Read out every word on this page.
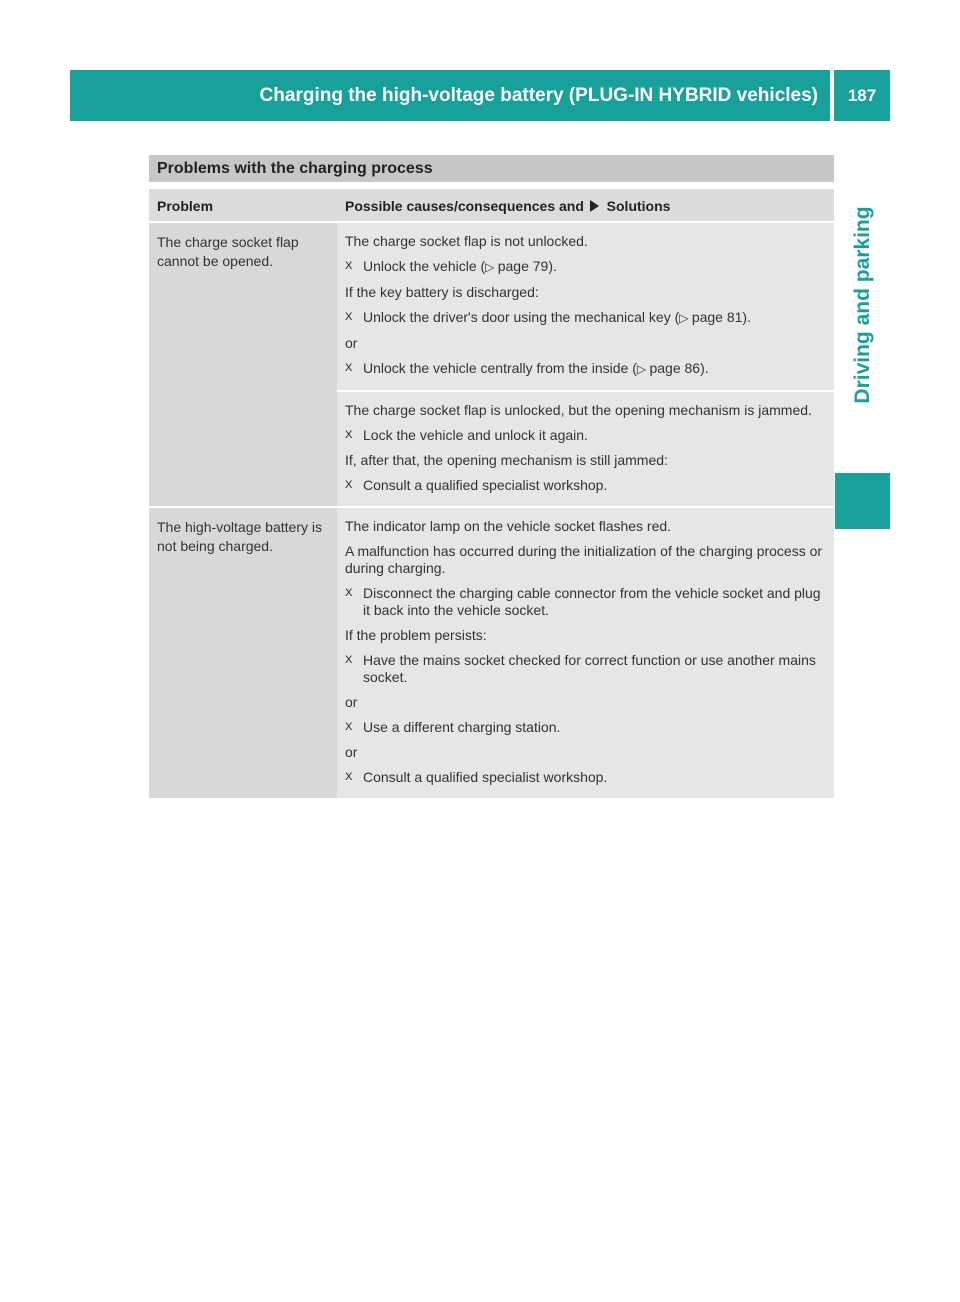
Charging the high-voltage battery (PLUG-IN HYBRID vehicles)	187
Driving and parking
Problems with the charging process
Problem	Possible causes/consequences and Solutions
The charge socket flap cannot be opened.
The charge socket flap is not unlocked.
X Unlock the vehicle (▷ page 79).
If the key battery is discharged:
X Unlock the driver's door using the mechanical key (▷ page 81).
or
X Unlock the vehicle centrally from the inside (▷ page 86).
The charge socket flap is unlocked, but the opening mechanism is jammed.
X Lock the vehicle and unlock it again.
If, after that, the opening mechanism is still jammed:
X Consult a qualified specialist workshop.
The high-voltage battery is not being charged.
The indicator lamp on the vehicle socket flashes red.
A malfunction has occurred during the initialization of the charging process or during charging.
X Disconnect the charging cable connector from the vehicle socket and plug it back into the vehicle socket.
If the problem persists:
X Have the mains socket checked for correct function or use another mains socket.
or
X Use a different charging station.
or
X Consult a qualified specialist workshop.
